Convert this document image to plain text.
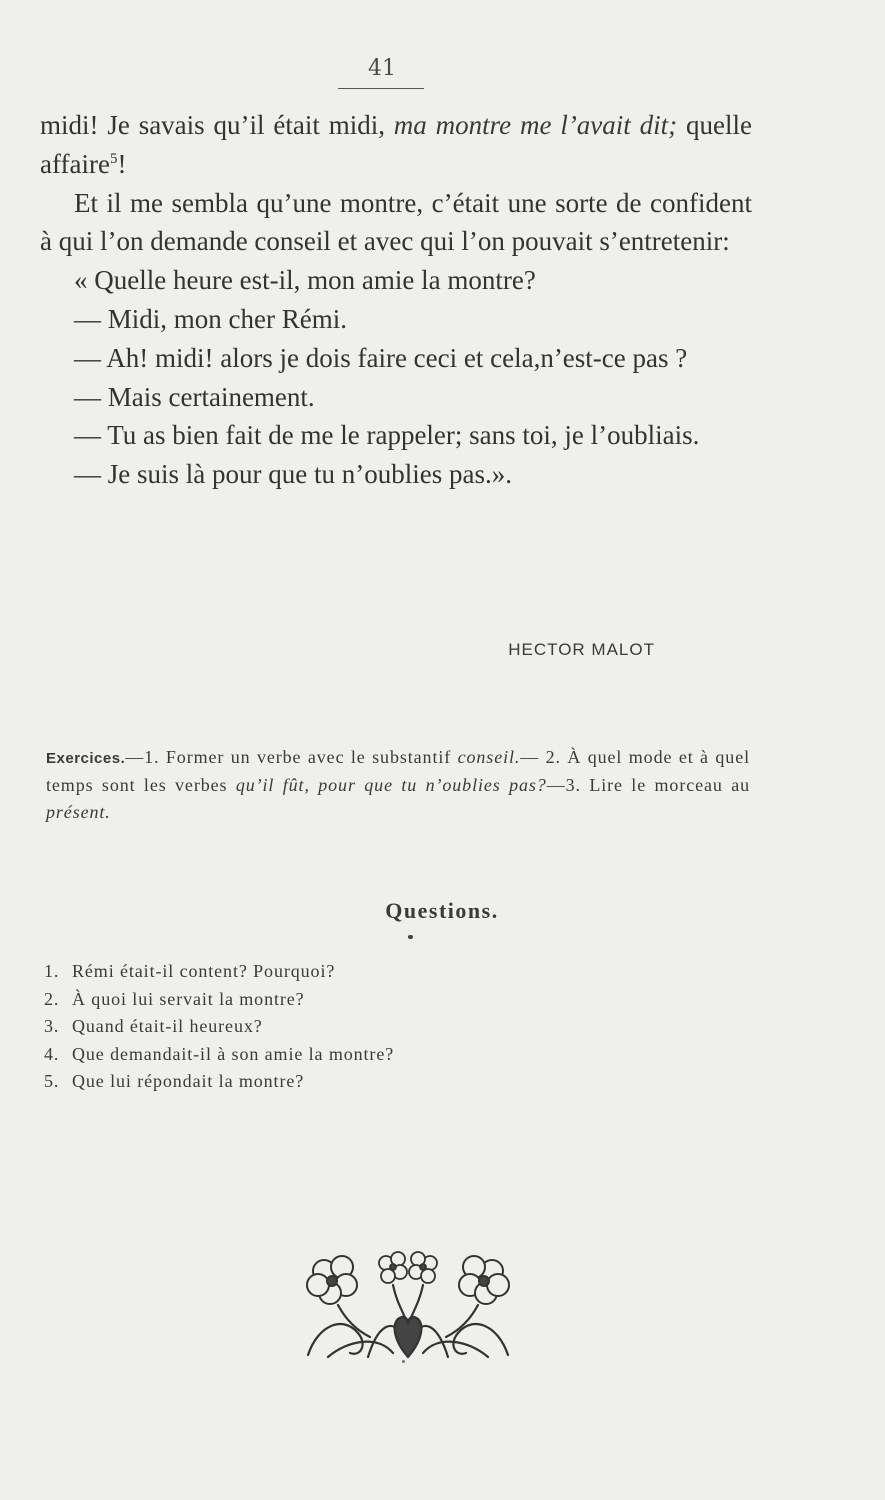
41

midi! Je savais qu’il était midi, ma montre me l’avait dit; quelle affaire$^5$!

Et il me sembla qu’une montre, c’était une sorte de confident à qui l’on demande conseil et avec qui l’on pouvait s’entretenir:

« Quelle heure est-il, mon amie la montre?

— Midi, mon cher Rémi.

— Ah! midi! alors je dois faire ceci et cela,n’est-ce pas ?

— Mais certainement.

— Tu as bien fait de me le rappeler; sans toi, je l’oubliais.

— Je suis là pour que tu n’oublies pas.».

HECTOR MALOT
Exercices.—1. Former un verbe avec le substantif conseil.— 2. À quel mode et à quel temps sont les verbes qu’il fût, pour que tu n’oublies pas?—3. Lire le morceau au présent.
Questions.
1. Rémi était-il content? Pourquoi?
2. À quoi lui servait la montre?
3. Quand était-il heureux?
4. Que demandait-il à son amie la montre?
5. Que lui répondait la montre?
